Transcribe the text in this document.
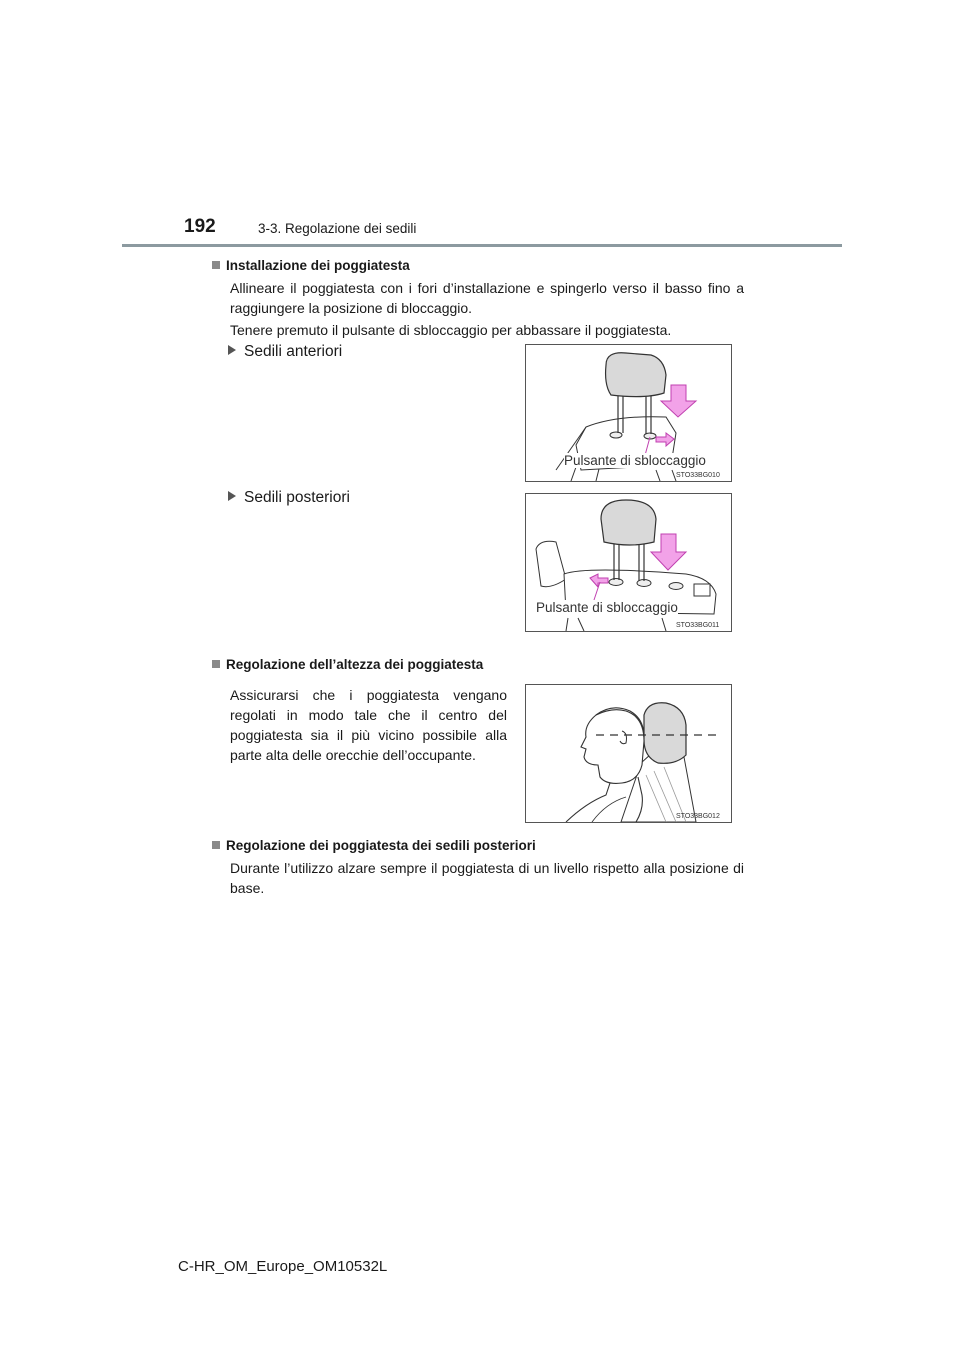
192	3-3. Regolazione dei sedili
Installazione dei poggiatesta
Allineare il poggiatesta con i fori d’installazione e spingerlo verso il basso fino a raggiungere la posizione di bloccaggio.
Tenere premuto il pulsante di sbloccaggio per abbassare il poggiatesta.
Sedili anteriori
Pulsante di sbloccaggio
STO33BG010
Sedili posteriori
Pulsante di sbloccaggio
STO33BG011
Regolazione dell’altezza dei poggiatesta
Assicurarsi che i poggiatesta vengano regolati in modo tale che il centro del poggiatesta sia il più vicino possibile alla parte alta delle orecchie dell’occupante.
STO33BG012
Regolazione dei poggiatesta dei sedili posteriori
Durante l’utilizzo alzare sempre il poggiatesta di un livello rispetto alla posizione di base.
C-HR_OM_Europe_OM10532L
